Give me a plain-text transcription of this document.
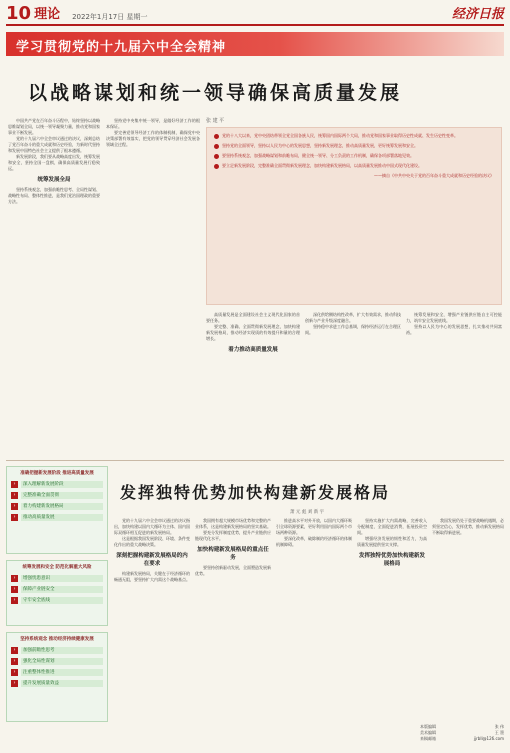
10 理论 2022年1月17日 星期一	经济日报
学习贯彻党的十九届六中全会精神
以战略谋划和统一领导确保高质量发展
张 建 平

中国共产党在百年奋斗历程中，始终坚持以战略思维谋划全局，以统一领导凝聚力量，推动党和国家事业不断发展。

党的十九届六中全会审议通过的决议，深刻总结了党百年奋斗的重大成就和历史经验，为新时代坚持和发展中国特色社会主义提供了根本遵循。

新发展阶段，我们要从战略高度出发，统筹发展和安全，坚持全国一盘棋，确保高质量发展行稳致远。

统筹发展全局

坚持系统观念，加强前瞻性思考、全局性谋划、战略性布局、整体性推进，是我们党治国理政的重要方法。

坚持党中央集中统一领导，是做好经济工作的根本保证。

要完善党领导经济工作的体制机制，确保党中央决策部署有效落实，把党的领导贯穿经济社会发展各领域全过程。

党的十八大以来，党中央团结带领全党全国各族人民，统筹国内国际两个大局，推动党和国家事业取得历史性成就、发生历史性变革。
坚持党的全面领导，坚持以人民为中心的发展思想，坚持新发展理念，推动高质量发展，更好统筹发展和安全。
要坚持系统观念，加强战略谋划和前瞻布局，健全统一领导、分工负责的工作机制，确保各项部署落地见效。
要立足新发展阶段，完整准确全面贯彻新发展理念，加快构建新发展格局，以高质量发展推动中国式现代化建设。
——摘自《中共中央关于党的百年奋斗重大成就和历史经验的决议》

高质量发展是全面建设社会主义现代化国家的首要任务。

要完整、准确、全面贯彻新发展理念，加快构建新发展格局，推动经济实现质的有效提升和量的合理增长。

着力推动高质量发展

深化供给侧结构性改革，扩大有效需求，推动科技创新与产业升级深度融合。

坚持稳中求进工作总基调，保持经济运行在合理区间。

统筹发展和安全，增强产业链供应链自主可控能力，筑牢安全发展底线。

坚持以人民为中心的发展思想，扎实推动共同富裕。

准确把握新发展阶段 推进高质量发展
›	深入理解新发展阶段
›	完整准确全面贯彻
›	着力构建新发展格局
›	推动高质量发展
统筹发展和安全 防范化解重大风险
›	增强忧患意识
›	保障产业链安全
›	守牢安全底线
坚持系统观念 推动经济持续健康发展
›	加强前瞻性思考
›	强化全局性谋划
›	注重整体性推进
›	提升发展质量效益
发挥独特优势加快构建新发展格局
萧 元 彪 刘 新 宇

党的十九届六中全会审议通过的决议指出，加快构建以国内大循环为主体、国内国际双循环相互促进的新发展格局。

这是根据我国发展阶段、环境、条件变化作出的重大战略决策。

深刻把握构建新发展格局的内在要求

构建新发展格局，关键在于经济循环的畅通无阻，要坚持扩大内需这个战略基点。

我国拥有超大规模市场优势和完整的产业体系，这是构建新发展格局的坚实基础。

要充分发挥制度优势，提升产业链供应链现代化水平。

加快构建新发展格局的重点任务

要坚持创新驱动发展，全面塑造发展新优势。

推进高水平对外开放，以国内大循环吸引全球资源要素，更好利用国内国际两个市场两种资源。

要深化改革，破除制约经济循环的体制机制障碍。

坚持实施扩大内需战略，完善收入分配制度，全面促进消费，拓展投资空间。

增强经济发展的韧性和活力，为高质量发展提供坚实支撑。

发挥独特优势加快构建新发展格局

我国发展仍处于重要战略机遇期，必须坚定信心，发挥优势，推动新发展格局不断取得新进展。

本版编辑	张 伟
美术编辑	王 墨
来稿邮箱	jjrbll@126.com
